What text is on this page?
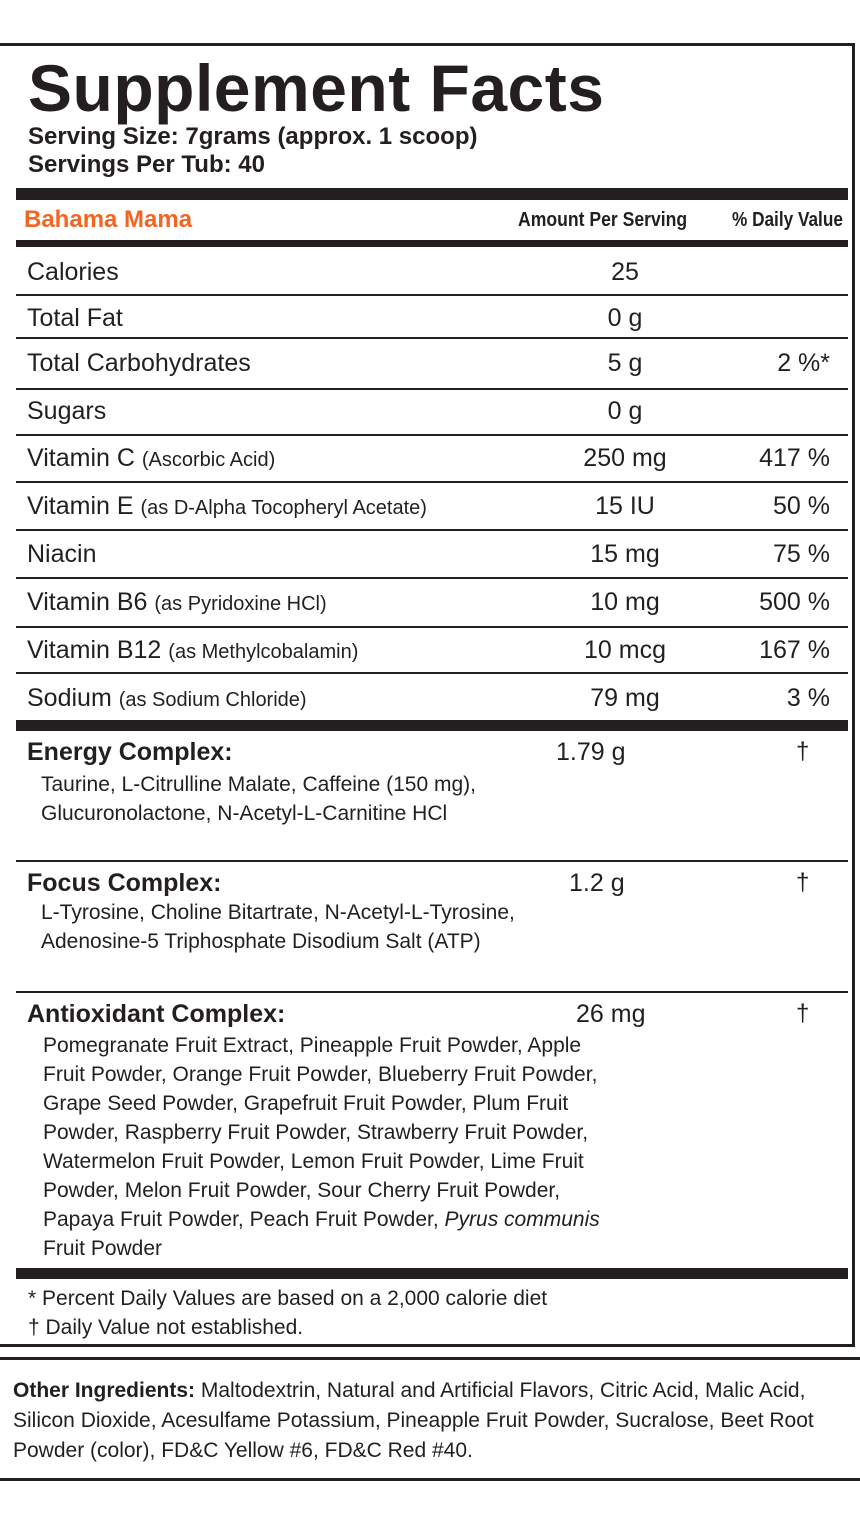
Supplement Facts
Serving Size: 7grams (approx. 1 scoop)
Servings Per Tub: 40
Bahama Mama	Amount Per Serving % Daily Value
Calories	25
Total Fat	0 g
Total Carbohydrates	5 g	2 %*
Sugars	0 g
Vitamin C (Ascorbic Acid)	250 mg	417 %
Vitamin E (as D-Alpha Tocopheryl Acetate)	15 IU	50 %
Niacin	15 mg	75 %
Vitamin B6 (as Pyridoxine HCl)	10 mg	500 %
Vitamin B12 (as Methylcobalamin)	10 mcg	167 %
Sodium (as Sodium Chloride)	79 mg	3 %
Energy Complex:	1.79 g	†
Taurine, L-Citrulline Malate, Caffeine (150 mg),
Glucuronolactone, N-Acetyl-L-Carnitine HCl
Focus Complex:	1.2 g	†
L-Tyrosine, Choline Bitartrate, N-Acetyl-L-Tyrosine,
Adenosine-5 Triphosphate Disodium Salt (ATP)
Antioxidant Complex:	26 mg	†
Pomegranate Fruit Extract, Pineapple Fruit Powder, Apple
Fruit Powder, Orange Fruit Powder, Blueberry Fruit Powder,
Grape Seed Powder, Grapefruit Fruit Powder, Plum Fruit
Powder, Raspberry Fruit Powder, Strawberry Fruit Powder,
Watermelon Fruit Powder, Lemon Fruit Powder, Lime Fruit
Powder, Melon Fruit Powder, Sour Cherry Fruit Powder,
Papaya Fruit Powder, Peach Fruit Powder, Pyrus communis
Fruit Powder
* Percent Daily Values are based on a 2,000 calorie diet
† Daily Value not established.
Other Ingredients: Maltodextrin, Natural and Artificial Flavors, Citric Acid, Malic Acid, Silicon Dioxide, Acesulfame Potassium, Pineapple Fruit Powder, Sucralose, Beet Root Powder (color), FD&C Yellow #6, FD&C Red #40.
